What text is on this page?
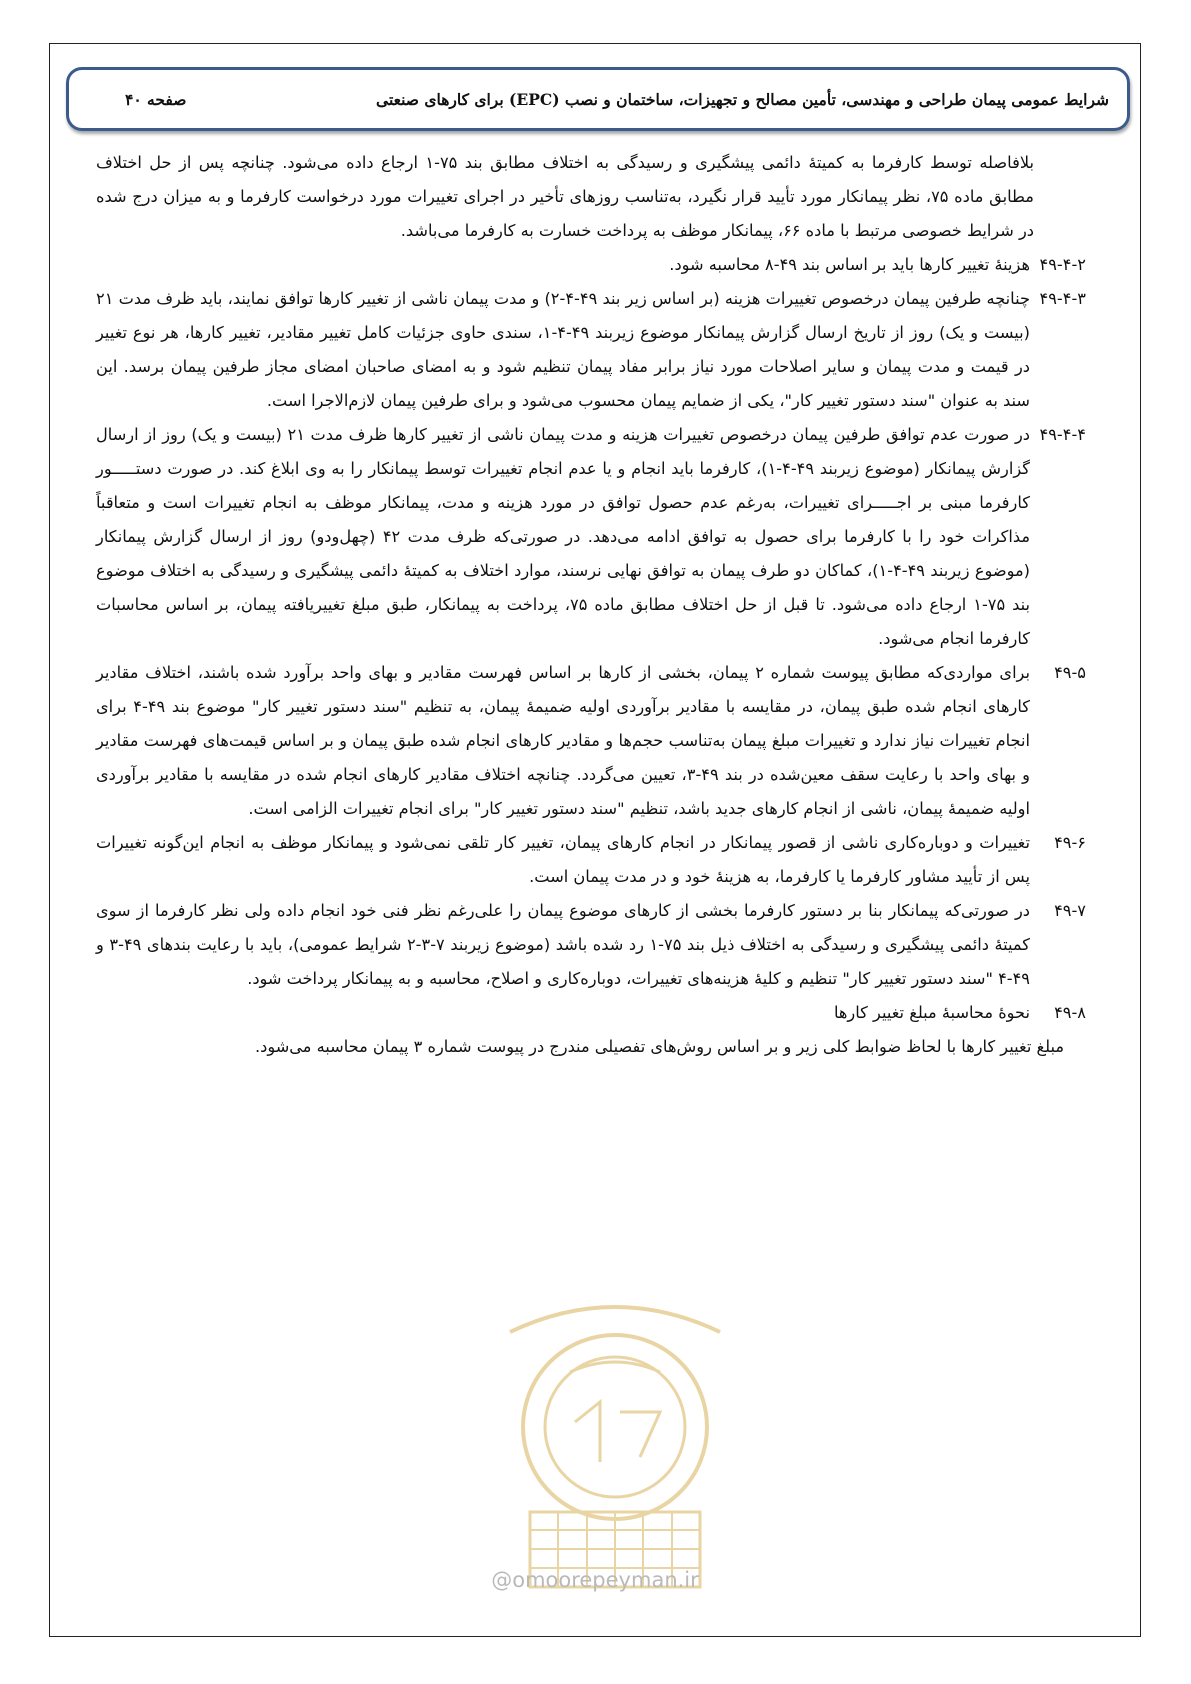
شرایط عمومی پیمان طراحی و مهندسی، تأمین مصالح و تجهیزات، ساختمان و نصب (EPC) برای کارهای صنعتی
صفحه ۴۰
بلافاصله توسط کارفرما به کمیتهٔ دائمی پیشگیری و رسیدگی به اختلاف مطابق بند ۷۵-۱ ارجاع داده می‌شود. چنانچه پس از حل اختلاف مطابق ماده ۷۵، نظر پیمانکار مورد تأیید قرار نگیرد، به‌تناسب روزهای تأخیر در اجرای تغییرات مورد درخواست کارفرما و به میزان درج شده در شرایط خصوصی مرتبط با ماده ۶۶، پیمانکار موظف به پرداخت خسارت به کارفرما می‌باشد.
۴۹-۴-۲
هزینهٔ تغییر کارها باید بر اساس بند ۴۹-۸ محاسبه شود.
۴۹-۴-۳
چنانچه طرفین پیمان درخصوص تغییرات هزینه (بر اساس زیر بند ۴۹-۴-۲) و مدت پیمان ناشی از تغییر کارها توافق نمایند، باید ظرف مدت ۲۱ (بیست و یک) روز از تاریخ ارسال گزارش پیمانکار موضوع زیربند ۴۹-۴-۱، سندی حاوی جزئیات کامل تغییر مقادیر، تغییر کارها، هر نوع تغییر در قیمت و مدت پیمان و سایر اصلاحات مورد نیاز برابر مفاد پیمان تنظیم شود و به امضای صاحبان امضای مجاز طرفین پیمان برسد. این سند به عنوان "سند دستور تغییر کار"، یکی از ضمایم پیمان محسوب می‌شود و برای طرفین پیمان لازم‌الاجرا است.
۴۹-۴-۴
در صورت عدم توافق طرفین پیمان درخصوص تغییرات هزینه و مدت پیمان ناشی از تغییر کارها ظرف مدت ۲۱ (بیست و یک) روز از ارسال گزارش پیمانکار (موضوع زیربند ۴۹-۴-۱)، کارفرما باید انجام و یا عدم انجام تغییرات توسط پیمانکار را به وی ابلاغ کند. در صورت دستـــــور کارفرما مبنی بر اجـــــرای تغییرات، به‌رغم عدم حصول توافق در مورد هزینه و مدت، پیمانکار موظف به انجام تغییرات است و متعاقباً مذاکرات خود را با کارفرما برای حصول به توافق ادامه می‌دهد. در صورتی‌که ظرف مدت ۴۲ (چهل‌ودو) روز از ارسال گزارش پیمانکار (موضوع زیربند ۴۹-۴-۱)، کماکان دو طرف پیمان به توافق نهایی نرسند، موارد اختلاف به کمیتهٔ دائمی پیشگیری و رسیدگی به اختلاف موضوع بند ۷۵-۱ ارجاع داده می‌شود. تا قبل از حل اختلاف مطابق ماده ۷۵، پرداخت به پیمانکار، طبق مبلغ تغییریافته پیمان، بر اساس محاسبات کارفرما انجام می‌شود.
۴۹-۵
برای مواردی‌که مطابق پیوست شماره ۲ پیمان، بخشی از کارها بر اساس فهرست مقادیر و بهای واحد برآورد شده باشند، اختلاف مقادیر کارهای انجام شده طبق پیمان، در مقایسه با مقادیر برآوردی اولیه ضمیمهٔ پیمان، به تنظیم "سند دستور تغییر کار" موضوع بند ۴۹-۴ برای انجام تغییرات نیاز ندارد و تغییرات مبلغ پیمان به‌تناسب حجم‌ها و مقادیر کارهای انجام شده طبق پیمان و بر اساس قیمت‌های فهرست مقادیر و بهای واحد با رعایت سقف معین‌شده در بند ۴۹-۳، تعیین می‌گردد. چنانچه اختلاف مقادیر کارهای انجام شده در مقایسه با مقادیر برآوردی اولیه ضمیمهٔ پیمان، ناشی از انجام کارهای جدید باشد، تنظیم "سند دستور تغییر کار" برای انجام تغییرات الزامی است.
۴۹-۶
تغییرات و دوباره‌کاری ناشی از قصور پیمانکار در انجام کارهای پیمان، تغییر کار تلقی نمی‌شود و پیمانکار موظف به انجام این‌گونه تغییرات پس از تأیید مشاور کارفرما یا کارفرما، به هزینهٔ خود و در مدت پیمان است.
۴۹-۷
در صورتی‌که پیمانکار بنا بر دستور کارفرما بخشی از کارهای موضوع پیمان را علی‌رغم نظر فنی خود انجام داده ولی نظر کارفرما از سوی کمیتهٔ دائمی پیشگیری و رسیدگی به اختلاف ذیل بند ۷۵-۱ رد شده باشد (موضوع زیربند ۷-۳-۲ شرایط عمومی)، باید با رعایت بندهای ۴۹-۳ و ۴۹-۴ "سند دستور تغییر کار" تنظیم و کلیهٔ هزینه‌های تغییرات، دوباره‌کاری و اصلاح، محاسبه و به پیمانکار پرداخت شود.
۴۹-۸
نحوهٔ محاسبهٔ مبلغ تغییر کارها
مبلغ تغییر کارها با لحاظ ضوابط کلی زیر و بر اساس روش‌های تفصیلی مندرج در پیوست شماره ۳ پیمان محاسبه می‌شود.
@omoorepeyman.ir
